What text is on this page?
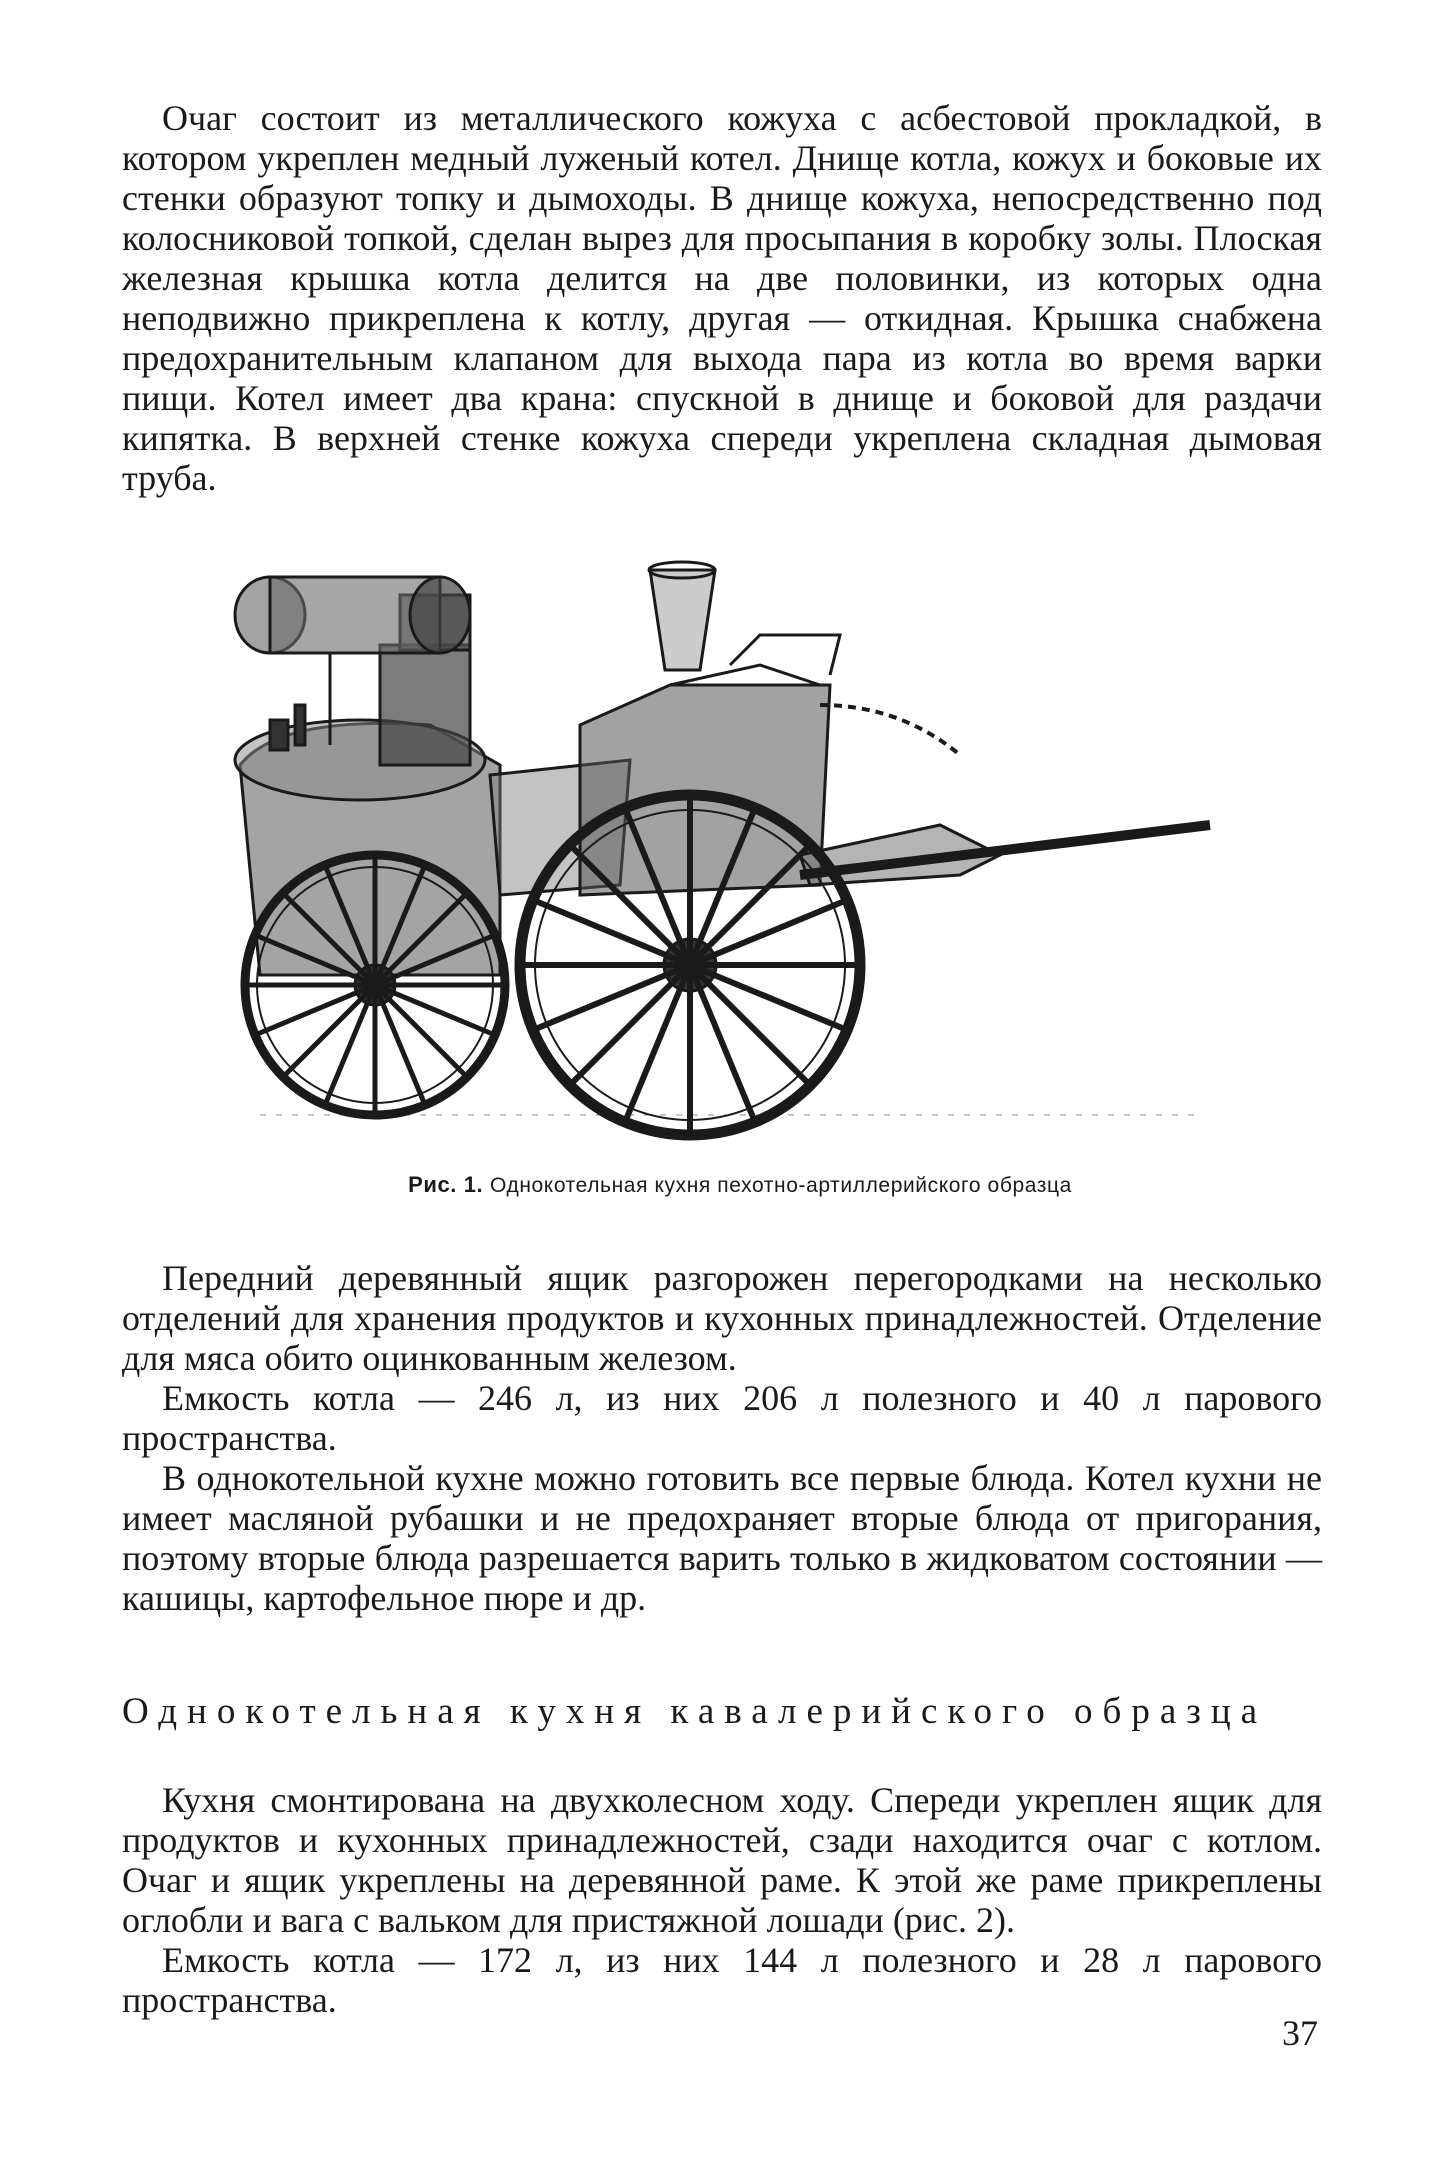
Очаг состоит из металлического кожуха с асбестовой прокладкой, в котором укреплен медный луженый котел. Днище котла, кожух и боковые их стенки образуют топку и дымоходы. В днище кожуха, непосредственно под колосниковой топкой, сделан вырез для просыпания в коробку золы. Плоская железная крышка котла делится на две половинки, из которых одна неподвижно прикреплена к котлу, другая — откидная. Крышка снабжена предохранительным клапаном для выхода пара из котла во время варки пищи. Котел имеет два крана: спускной в днище и боковой для раздачи кипятка. В верхней стенке кожуха спереди укреплена складная дымовая труба.

Рис. 1. Однокотельная кухня пехотно-артиллерийского образца

Передний деревянный ящик разгорожен перегородками на несколько отделений для хранения продуктов и кухонных принадлежностей. Отделение для мяса обито оцинкованным железом.

Емкость котла — 246 л, из них 206 л полезного и 40 л парового пространства.

В однокотельной кухне можно готовить все первые блюда. Котел кухни не имеет масляной рубашки и не предохраняет вторые блюда от пригорания, поэтому вторые блюда разрешается варить только в жидковатом состоянии — кашицы, картофельное пюре и др.

Однокотельная кухня кавалерийского образца

Кухня смонтирована на двухколесном ходу. Спереди укреплен ящик для продуктов и кухонных принадлежностей, сзади находится очаг с котлом. Очаг и ящик укреплены на деревянной раме. К этой же раме прикреплены оглобли и вага с вальком для пристяжной лошади (рис. 2).

Емкость котла — 172 л, из них 144 л полезного и 28 л парового пространства.

37
